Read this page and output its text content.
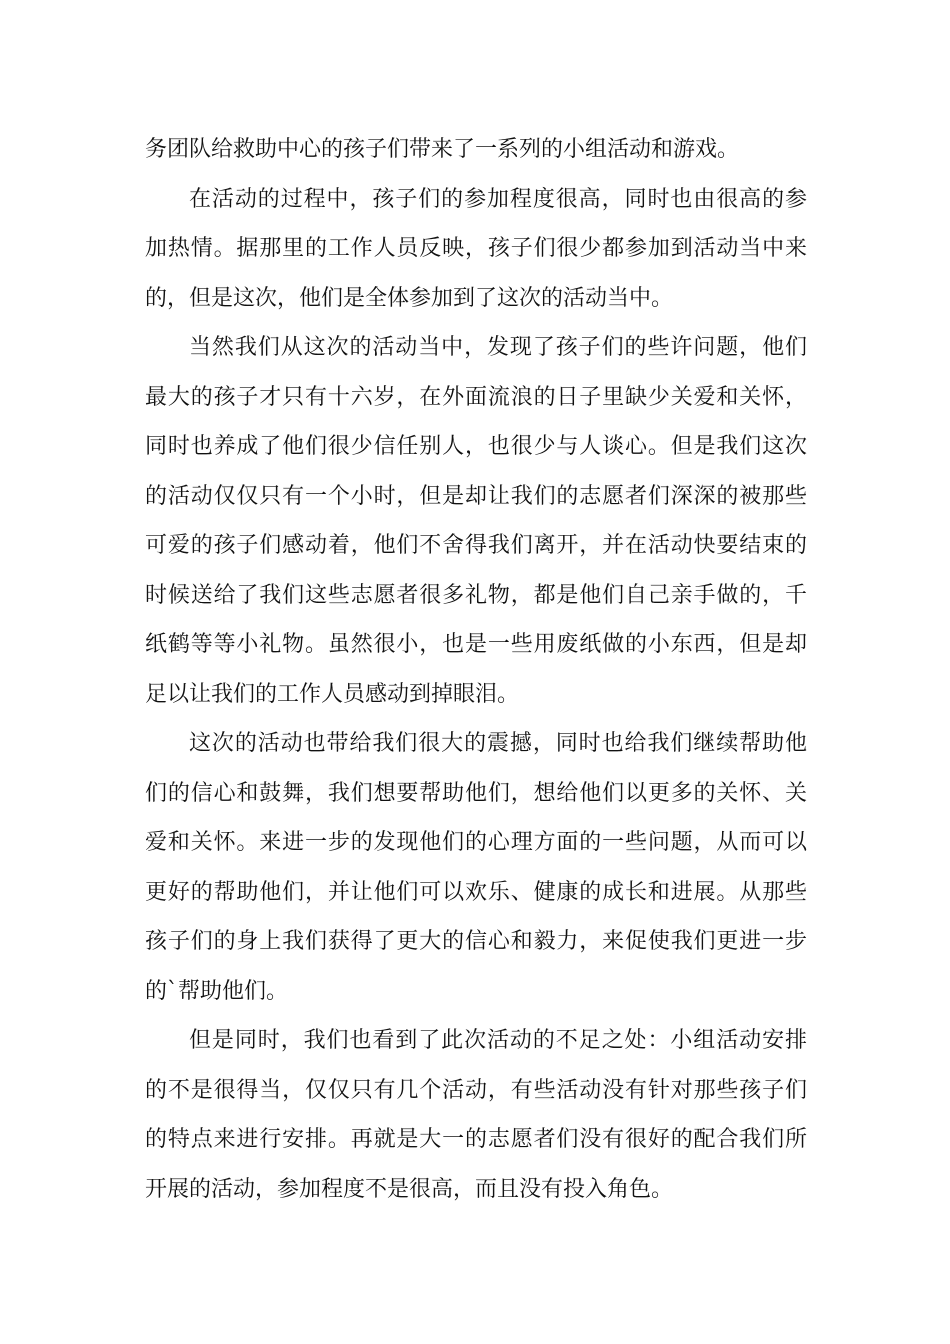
务团队给救助中心的孩子们带来了一系列的小组活动和游戏。
在活动的过程中，孩子们的参加程度很高，同时也由很高的参
加热情。据那里的工作人员反映，孩子们很少都参加到活动当中来
的，但是这次，他们是全体参加到了这次的活动当中。
当然我们从这次的活动当中，发现了孩子们的些许问题，他们
最大的孩子才只有十六岁，在外面流浪的日子里缺少关爱和关怀，
同时也养成了他们很少信任别人，也很少与人谈心。但是我们这次
的活动仅仅只有一个小时，但是却让我们的志愿者们深深的被那些
可爱的孩子们感动着，他们不舍得我们离开，并在活动快要结束的
时候送给了我们这些志愿者很多礼物，都是他们自己亲手做的，千
纸鹤等等小礼物。虽然很小，也是一些用废纸做的小东西，但是却
足以让我们的工作人员感动到掉眼泪。
这次的活动也带给我们很大的震撼，同时也给我们继续帮助他
们的信心和鼓舞，我们想要帮助他们，想给他们以更多的关怀、关
爱和关怀。来进一步的发现他们的心理方面的一些问题，从而可以
更好的帮助他们，并让他们可以欢乐、健康的成长和进展。从那些
孩子们的身上我们获得了更大的信心和毅力，来促使我们更进一步
的`帮助他们。
但是同时，我们也看到了此次活动的不足之处：小组活动安排
的不是很得当，仅仅只有几个活动，有些活动没有针对那些孩子们
的特点来进行安排。再就是大一的志愿者们没有很好的配合我们所
开展的活动，参加程度不是很高，而且没有投入角色。
